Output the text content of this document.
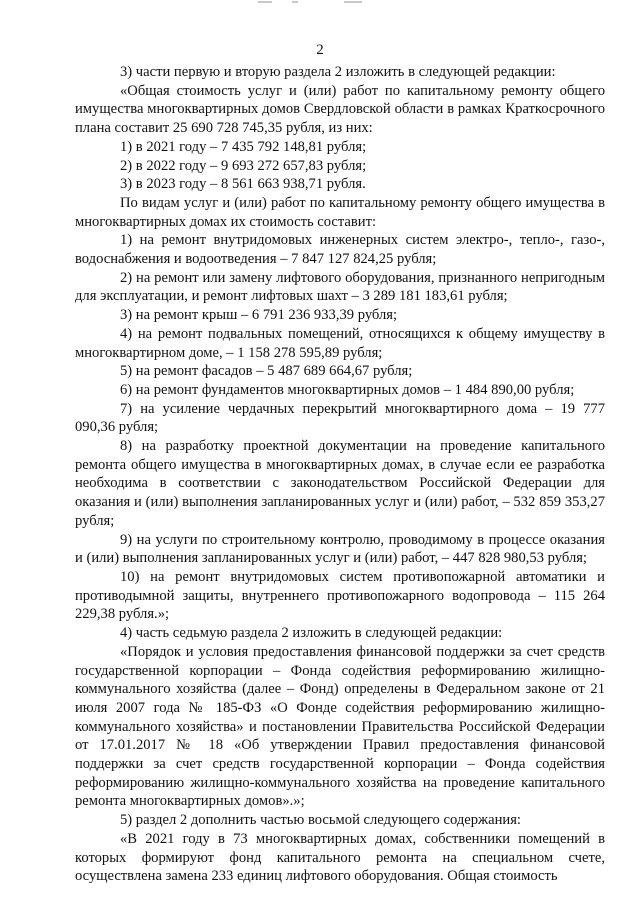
2

3) части первую и вторую раздела 2 изложить в следующей редакции:

«Общая стоимость услуг и (или) работ по капитальному ремонту общего имущества многоквартирных домов Свердловской области в рамках Краткосрочного плана составит 25 690 728 745,35 рубля, из них:

1) в 2021 году – 7 435 792 148,81 рубля;

2) в 2022 году – 9 693 272 657,83 рубля;

3) в 2023 году – 8 561 663 938,71 рубля.

По видам услуг и (или) работ по капитальному ремонту общего имущества в многоквартирных домах их стоимость составит:

1) на ремонт внутридомовых инженерных систем электро-, тепло-, газо-, водоснабжения и водоотведения – 7 847 127 824,25 рубля;

2) на ремонт или замену лифтового оборудования, признанного непригодным для эксплуатации, и ремонт лифтовых шахт – 3 289 181 183,61 рубля;

3) на ремонт крыш – 6 791 236 933,39 рубля;

4) на ремонт подвальных помещений, относящихся к общему имуществу в многоквартирном доме, – 1 158 278 595,89 рубля;

5) на ремонт фасадов – 5 487 689 664,67 рубля;

6) на ремонт фундаментов многоквартирных домов – 1 484 890,00 рубля;

7) на усиление чердачных перекрытий многоквартирного дома – 19 777 090,36 рубля;

8) на разработку проектной документации на проведение капитального ремонта общего имущества в многоквартирных домах, в случае если ее разработка необходима в соответствии с законодательством Российской Федерации для оказания и (или) выполнения запланированных услуг и (или) работ, – 532 859 353,27 рубля;

9) на услуги по строительному контролю, проводимому в процессе оказания и (или) выполнения запланированных услуг и (или) работ, – 447 828 980,53 рубля;

10) на ремонт внутридомовых систем противопожарной автоматики и противодымной защиты, внутреннего противопожарного водопровода – 115 264 229,38 рубля.»;

4) часть седьмую раздела 2 изложить в следующей редакции:

«Порядок и условия предоставления финансовой поддержки за счет средств государственной корпорации – Фонда содействия реформированию жилищно-коммунального хозяйства (далее – Фонд) определены в Федеральном законе от 21 июля 2007 года № 185-ФЗ «О Фонде содействия реформированию жилищно-коммунального хозяйства» и постановлении Правительства Российской Федерации от 17.01.2017 № 18 «Об утверждении Правил предоставления финансовой поддержки за счет средств государственной корпорации – Фонда содействия реформированию жилищно-коммунального хозяйства на проведение капитального ремонта многоквартирных домов».»;

5) раздел 2 дополнить частью восьмой следующего содержания:

«В 2021 году в 73 многоквартирных домах, собственники помещений в которых формируют фонд капитального ремонта на специальном счете, осуществлена замена 233 единиц лифтового оборудования. Общая стоимость
